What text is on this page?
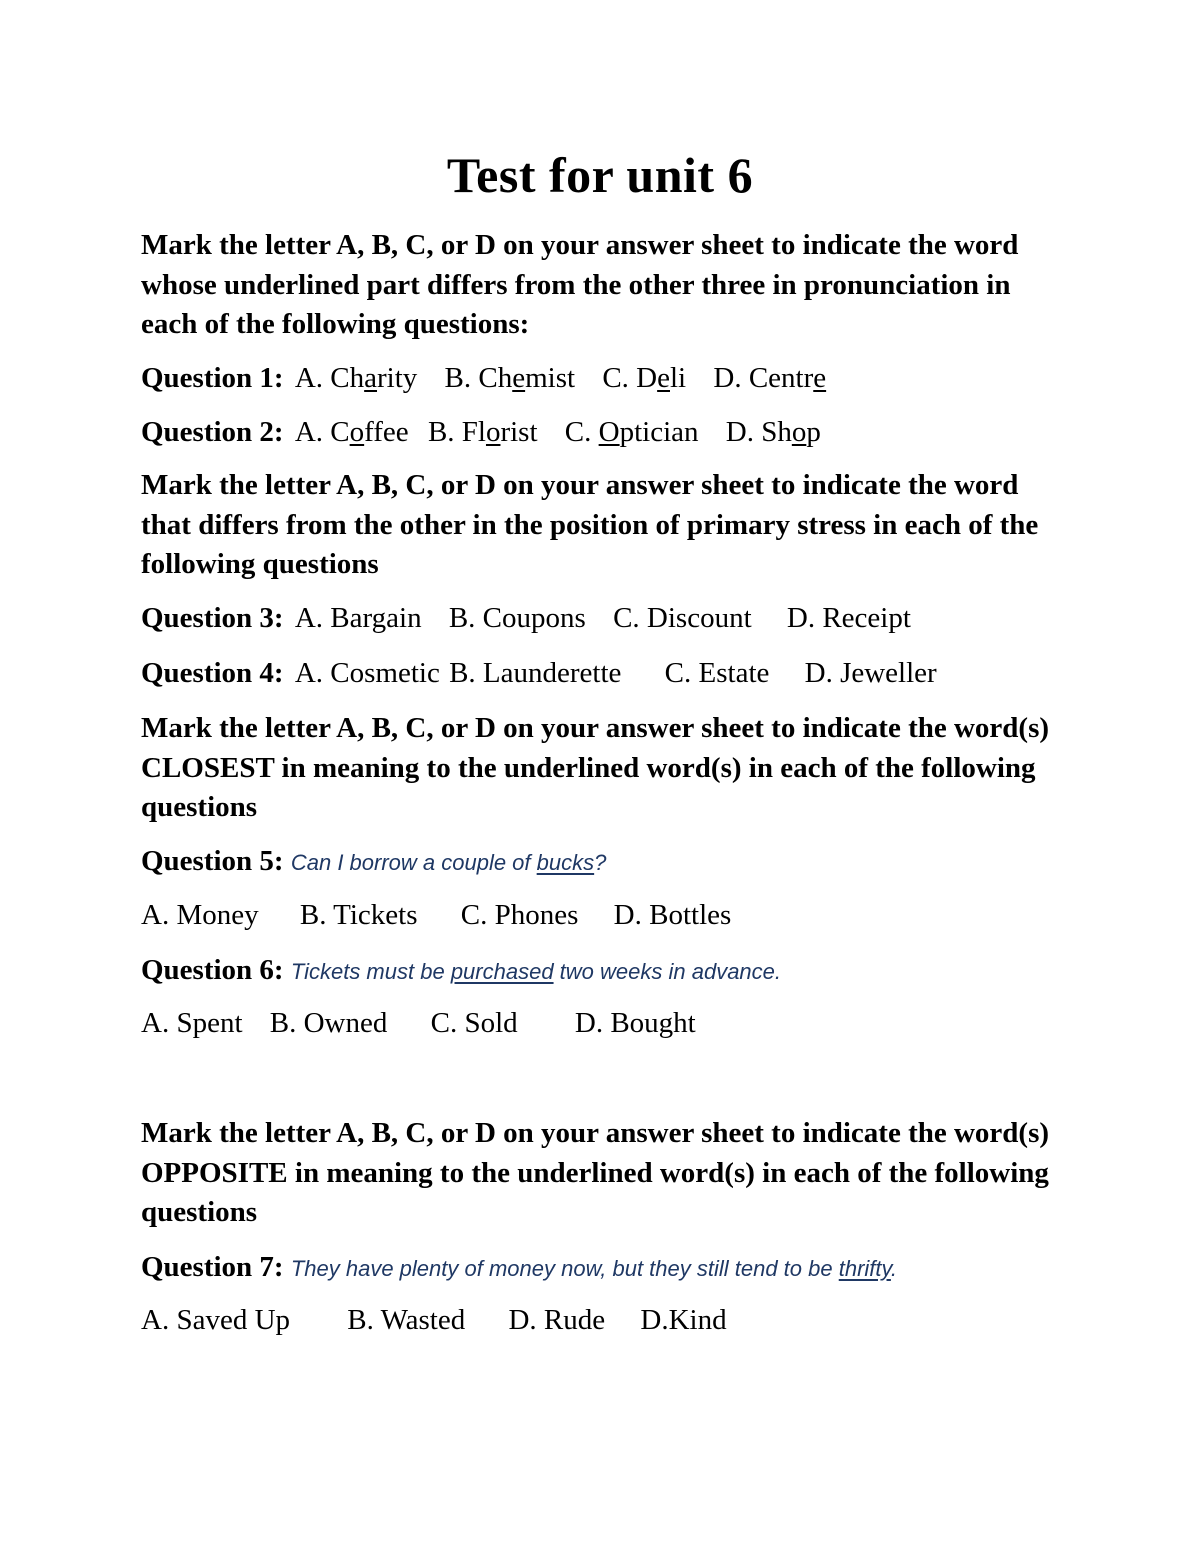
Test for unit 6
Mark the letter A, B, C, or D on your answer sheet to indicate the word whose underlined part differs from the other three in pronunciation in each of the following questions:
Question 1: A. Charity B. Chemist C. Deli D. Centre
Question 2: A. Coffee B. Florist C. Optician D. Shop
Mark the letter A, B, C, or D on your answer sheet to indicate the word that differs from the other in the position of primary stress in each of the following questions
Question 3: A. Bargain B. Coupons C. Discount D. Receipt
Question 4: A. Cosmetic B. Launderette C. Estate D. Jeweller
Mark the letter A, B, C, or D on your answer sheet to indicate the word(s) CLOSEST in meaning to the underlined word(s) in each of the following questions
Question 5: Can I borrow a couple of bucks?
A. Money B. Tickets C. Phones D. Bottles
Question 6: Tickets must be purchased two weeks in advance.
A. Spent B. Owned C. Sold D. Bought
Mark the letter A, B, C, or D on your answer sheet to indicate the word(s) OPPOSITE in meaning to the underlined word(s) in each of the following questions
Question 7: They have plenty of money now, but they still tend to be thrifty.
A. Saved Up B. Wasted D. Rude D.Kind
